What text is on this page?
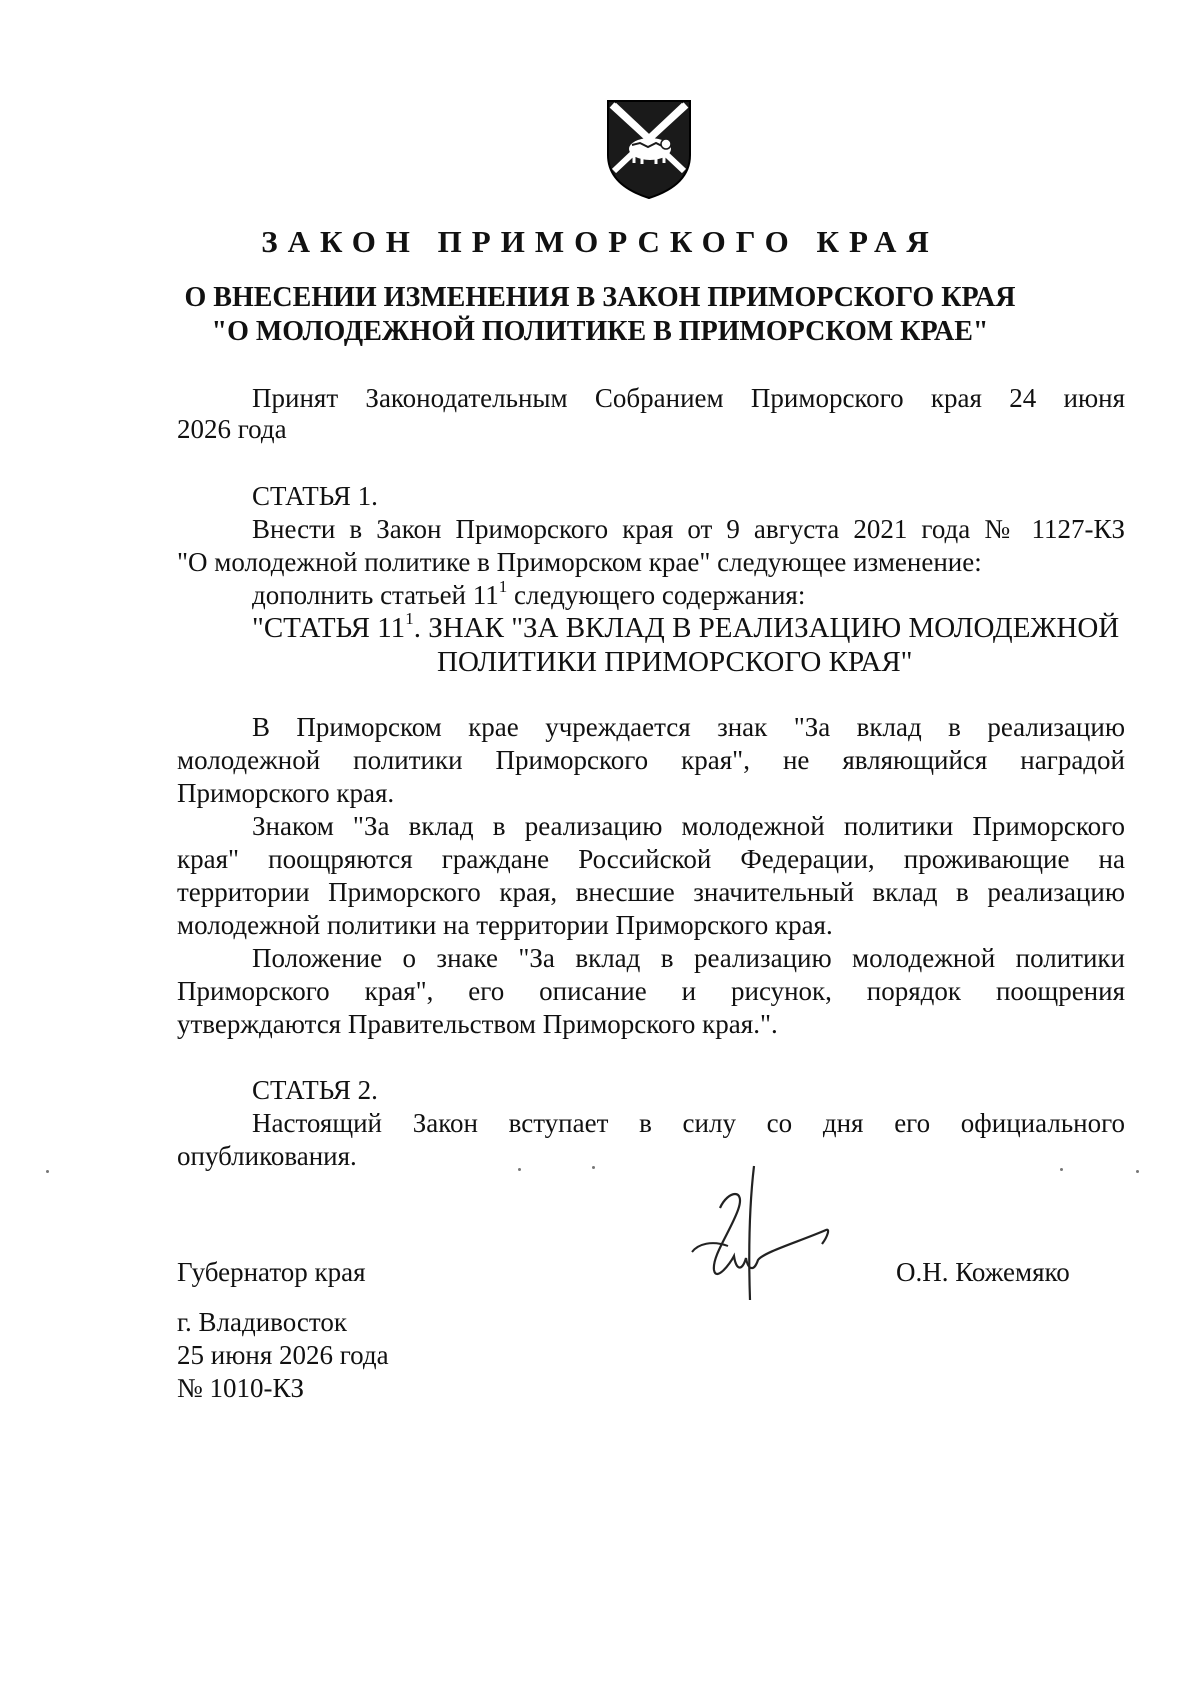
ЗАКОН ПРИМОРСКОГО КРАЯ
О ВНЕСЕНИИ ИЗМЕНЕНИЯ В ЗАКОН ПРИМОРСКОГО КРАЯ
"О МОЛОДЕЖНОЙ ПОЛИТИКЕ В ПРИМОРСКОМ КРАЕ"
Принят Законодательным Собранием Приморского края 24 июня
2026 года
СТАТЬЯ 1.
Внести в Закон Приморского края от 9 августа 2021 года № 1127-КЗ
"О молодежной политике в Приморском крае" следующее изменение:
дополнить статьей $11^1$ следующего содержания:
"СТАТЬЯ $11^1$. ЗНАК "ЗА ВКЛАД В РЕАЛИЗАЦИЮ МОЛОДЕЖНОЙ
ПОЛИТИКИ ПРИМОРСКОГО КРАЯ"
В Приморском крае учреждается знак "За вклад в реализацию
молодежной политики Приморского края", не являющийся наградой
Приморского края.
Знаком "За вклад в реализацию молодежной политики Приморского
края" поощряются граждане Российской Федерации, проживающие на
территории Приморского края, внесшие значительный вклад в реализацию
молодежной политики на территории Приморского края.
Положение о знаке "За вклад в реализацию молодежной политики
Приморского края", его описание и рисунок, порядок поощрения
утверждаются Правительством Приморского края.".
СТАТЬЯ 2.
Настоящий Закон вступает в силу со дня его официального
опубликования.
Губернатор края	О.Н. Кожемяко
г. Владивосток
25 июня 2026 года
№ 1010-КЗ
